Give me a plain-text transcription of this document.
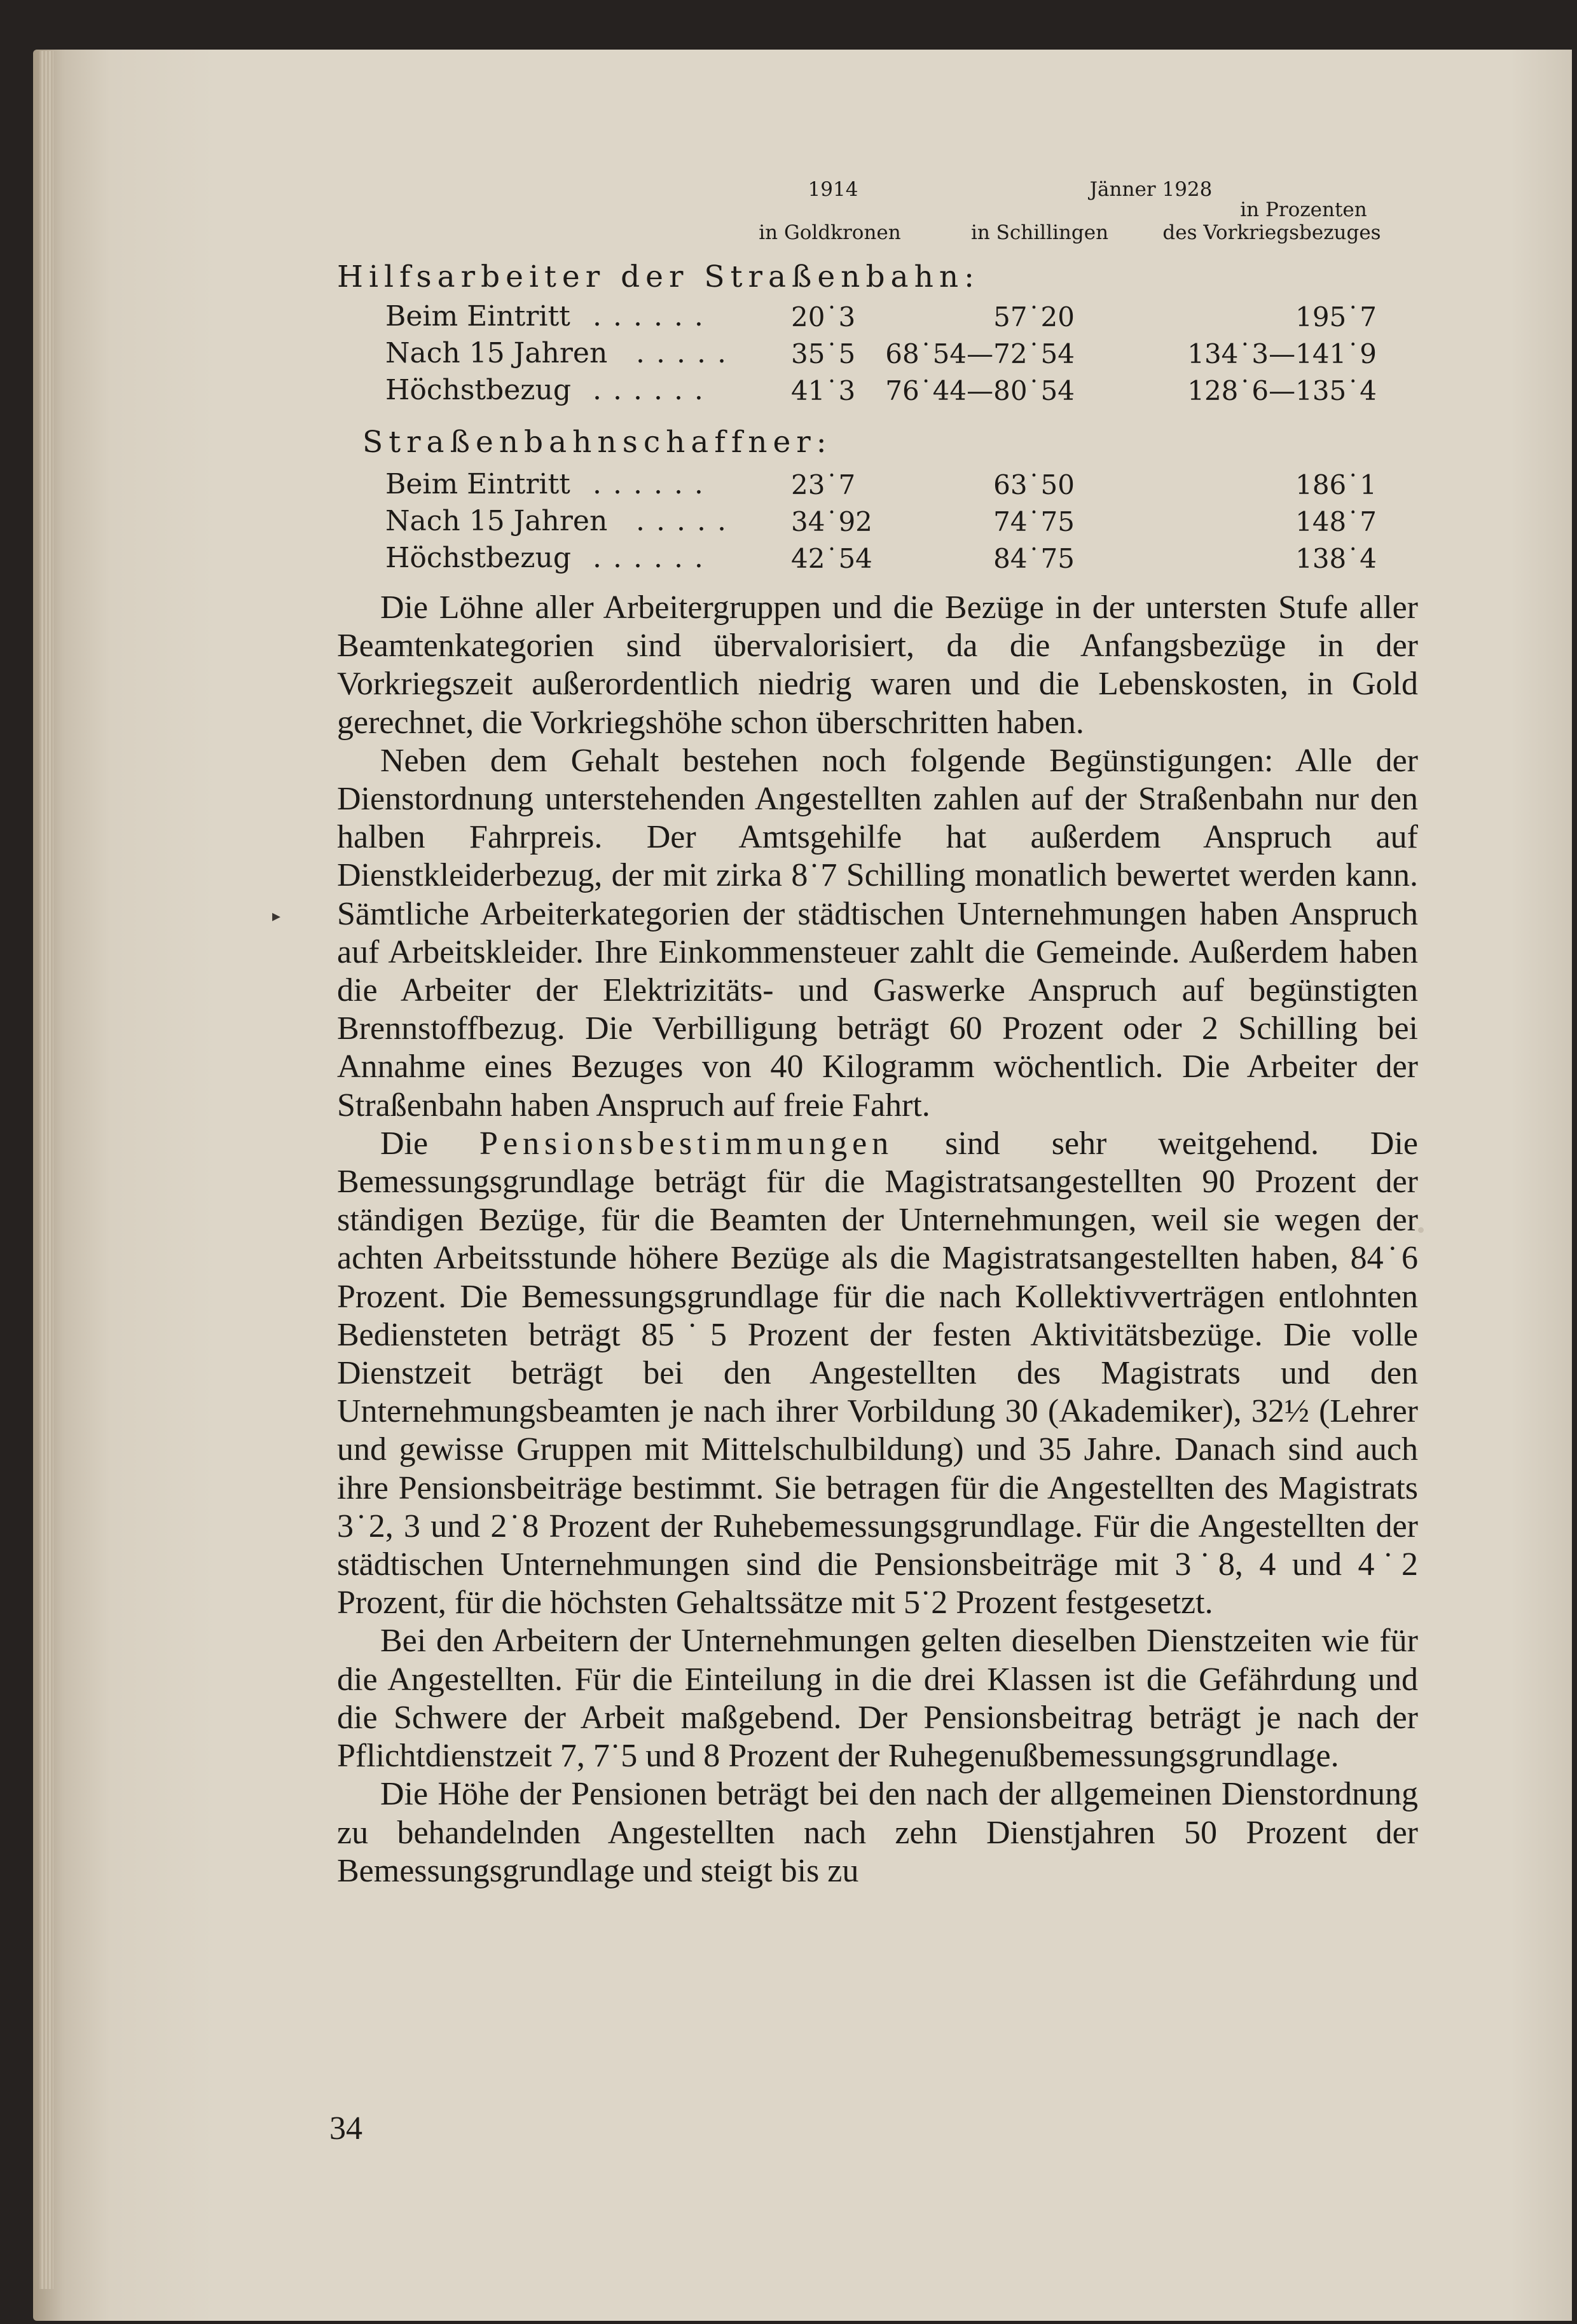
1914	Jänner 1928
in Prozenten
in Goldkronen	in Schillingen	des Vorkriegsbezuges
Hilfsarbeiter der Straßenbahn:
Beim Eintritt ......	20˙3	57˙20	195˙7
Nach 15 Jahren ..... 35˙5 68˙54—72˙54	134˙3—141˙9
Höchstbezug ......	41˙3 76˙44—80˙54	128˙6—135˙4
Straßenbahnschaffner:
Beim Eintritt ......	23˙7	63˙50	186˙1
Nach 15 Jahren ..... 34˙92	74˙75	148˙7
Höchstbezug ......	42˙54	84˙75	138˙4

Die Löhne aller Arbeitergruppen und die Bezüge in der untersten Stufe aller Beamtenkategorien sind übervalorisiert, da die Anfangsbezüge in der Vorkriegszeit außerordentlich niedrig waren und die Lebenskosten, in Gold gerechnet, die Vorkriegshöhe schon überschritten haben.

Neben dem Gehalt bestehen noch folgende Begünstigungen: Alle der Dienstordnung unterstehenden Angestellten zahlen auf der Straßenbahn nur den halben Fahrpreis. Der Amtsgehilfe hat außerdem Anspruch auf Dienstkleiderbezug, der mit zirka 8˙7 Schilling monatlich bewertet werden kann. Sämtliche Arbeiterkategorien der städtischen Unternehmungen haben Anspruch auf Arbeitskleider. Ihre Einkommensteuer zahlt die Gemeinde. Außerdem haben die Arbeiter der Elektrizitäts- und Gaswerke Anspruch auf begünstigten Brennstoffbezug. Die Verbilligung beträgt 60 Prozent oder 2 Schilling bei Annahme eines Bezuges von 40 Kilogramm wöchentlich. Die Arbeiter der Straßenbahn haben Anspruch auf freie Fahrt.

Die Pensionsbestimmungen sind sehr weitgehend. Die Bemessungsgrundlage beträgt für die Magistratsangestellten 90 Prozent der ständigen Bezüge, für die Beamten der Unternehmungen, weil sie wegen der achten Arbeitsstunde höhere Bezüge als die Magistratsangestellten haben, 84˙6 Prozent. Die Bemessungsgrundlage für die nach Kollektivverträgen entlohnten Bediensteten beträgt 85˙5 Prozent der festen Aktivitätsbezüge. Die volle Dienstzeit beträgt bei den Angestellten des Magistrats und den Unternehmungsbeamten je nach ihrer Vorbildung 30 (Akademiker), 32½ (Lehrer und gewisse Gruppen mit Mittelschulbildung) und 35 Jahre. Danach sind auch ihre Pensionsbeiträge bestimmt. Sie betragen für die Angestellten des Magistrats 3˙2, 3 und 2˙8 Prozent der Ruhebemessungsgrundlage. Für die Angestellten der städtischen Unternehmungen sind die Pensionsbeiträge mit 3˙8, 4 und 4˙2 Prozent, für die höchsten Gehaltssätze mit 5˙2 Prozent festgesetzt.

Bei den Arbeitern der Unternehmungen gelten dieselben Dienstzeiten wie für die Angestellten. Für die Einteilung in die drei Klassen ist die Gefährdung und die Schwere der Arbeit maßgebend. Der Pensionsbeitrag beträgt je nach der Pflichtdienstzeit 7, 7˙5 und 8 Prozent der Ruhegenußbemessungsgrundlage.

Die Höhe der Pensionen beträgt bei den nach der allgemeinen Dienstordnung zu behandelnden Angestellten nach zehn Dienstjahren 50 Prozent der Bemessungsgrundlage und steigt bis zu

▸
34
